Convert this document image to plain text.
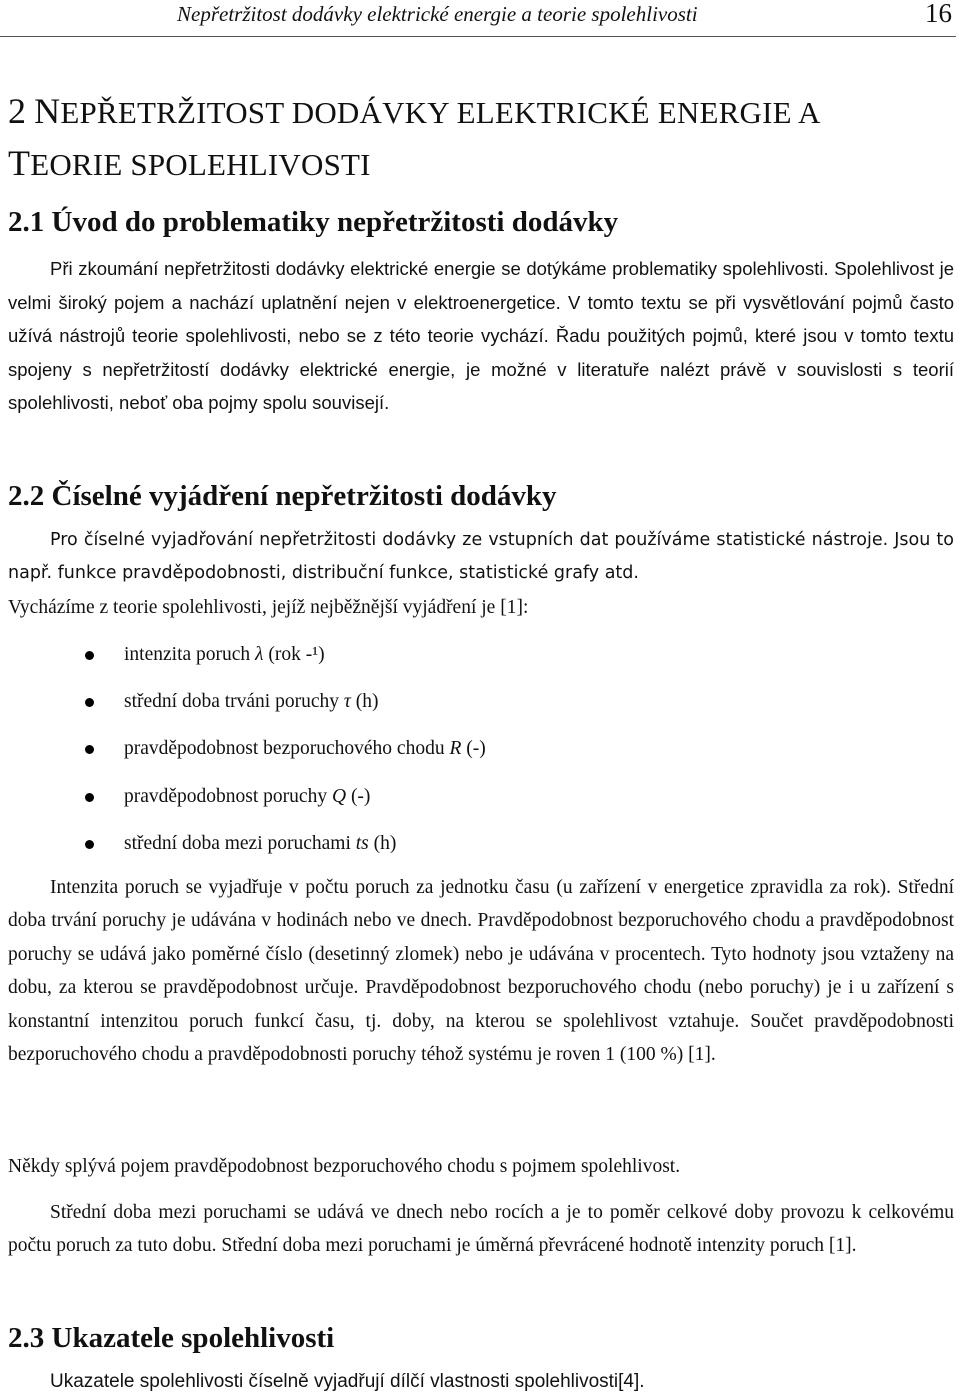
Nepřetržitost dodávky elektrické energie a teorie spolehlivosti	16
2 NEPŘETRŽITOST DODÁVKY ELEKTRICKÉ ENERGIE A
TEORIE SPOLEHLIVOSTI
2.1 Úvod do problematiky nepřetržitosti dodávky
Při zkoumání nepřetržitosti dodávky elektrické energie se dotýkáme problematiky spolehlivosti. Spolehlivost je velmi široký pojem a nachází uplatnění nejen v elektroenergetice. V tomto textu se při vysvětlování pojmů často užívá nástrojů teorie spolehlivosti, nebo se z této teorie vychází. Řadu použitých pojmů, které jsou v tomto textu spojeny s nepřetržitostí dodávky elektrické energie, je možné v literatuře nalézt právě v souvislosti s teorií spolehlivosti, neboť oba pojmy spolu souvisejí.
2.2 Číselné vyjádření nepřetržitosti dodávky
Pro číselné vyjadřování nepřetržitosti dodávky ze vstupních dat používáme statistické nástroje. Jsou to např. funkce pravděpodobnosti, distribuční funkce, statistické grafy atd.
Vycházíme z teorie spolehlivosti, jejíž nejběžnější vyjádření je [1]:
intenzita poruch λ (rok -¹)
střední doba trváni poruchy τ (h)
pravděpodobnost bezporuchového chodu R (-)
pravděpodobnost poruchy Q (-)
střední doba mezi poruchami ts (h)
Intenzita poruch se vyjadřuje v počtu poruch za jednotku času (u zařízení v energetice zpravidla za rok). Střední doba trvání poruchy je udávána v hodinách nebo ve dnech. Pravděpodobnost bezporuchového chodu a pravděpodobnost poruchy se udává jako poměrné číslo (desetinný zlomek) nebo je udávána v procentech. Tyto hodnoty jsou vztaženy na dobu, za kterou se pravděpodobnost určuje. Pravděpodobnost bezporuchového chodu (nebo poruchy) je i u zařízení s konstantní intenzitou poruch funkcí času, tj. doby, na kterou se spolehlivost vztahuje. Součet pravděpodobnosti bezporuchového chodu a pravděpodobnosti poruchy téhož systému je roven 1 (100 %) [1].
Někdy splývá pojem pravděpodobnost bezporuchového chodu s pojmem spolehlivost.
Střední doba mezi poruchami se udává ve dnech nebo rocích a je to poměr celkové doby provozu k celkovému počtu poruch za tuto dobu. Střední doba mezi poruchami je úměrná převrácené hodnotě intenzity poruch [1].
2.3 Ukazatele spolehlivosti
Ukazatele spolehlivosti číselně vyjadřují dílčí vlastnosti spolehlivosti[4].
